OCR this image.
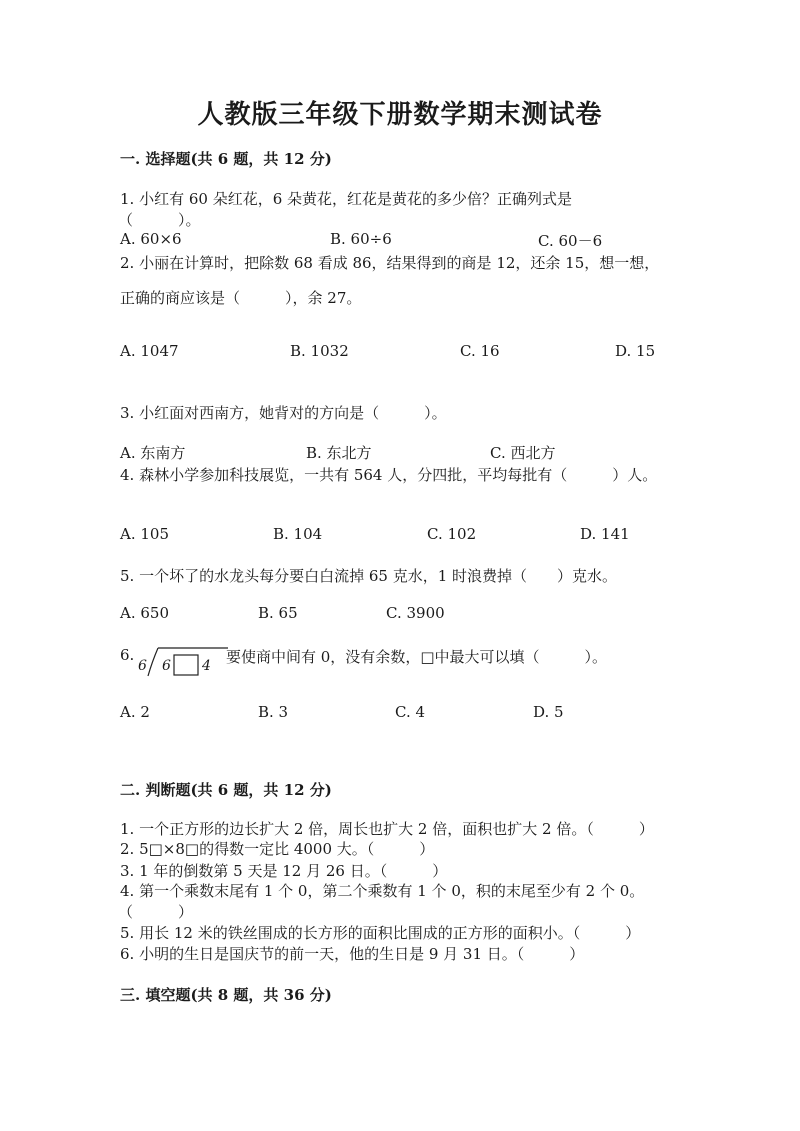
人教版三年级下册数学期末测试卷
一. 选择题(共 6 题，共 12 分)
1. 小红有 60 朵红花，6 朵黄花，红花是黄花的多少倍？正确列式是
（　　　）。
A. 60×6	B. 60÷6	C. 60－6
2. 小丽在计算时，把除数 68 看成 86，结果得到的商是 12，还余 15，想一想，
正确的商应该是（　　　），余 27。
A. 1047	B. 1032	C. 16	D. 15
3. 小红面对西南方，她背对的方向是（　　　）。
A. 东南方	B. 东北方	C. 西北方
4. 森林小学参加科技展览，一共有 564 人，分四批，平均每批有（　　　）人。
A. 105	B. 104	C. 102	D. 141
5. 一个坏了的水龙头每分要白白流掉 65 克水，1 时浪费掉（　　）克水。
A. 650	B. 65	C. 3900
6.
6 6 4 要使商中间有 0，没有余数，□中最大可以填（　　　）。
A. 2	B. 3	C. 4	D. 5
二. 判断题(共 6 题，共 12 分)
1. 一个正方形的边长扩大 2 倍，周长也扩大 2 倍，面积也扩大 2 倍。（　　　）
2. 5□×8□的得数一定比 4000 大。（　　　）
3. 1 年的倒数第 5 天是 12 月 26 日。（　　　）
4. 第一个乘数末尾有 1 个 0，第二个乘数有 1 个 0，积的末尾至少有 2 个 0。
（　　　）
5. 用长 12 米的铁丝围成的长方形的面积比围成的正方形的面积小。（　　　）
6. 小明的生日是国庆节的前一天，他的生日是 9 月 31 日。（　　　）
三. 填空题(共 8 题，共 36 分)
